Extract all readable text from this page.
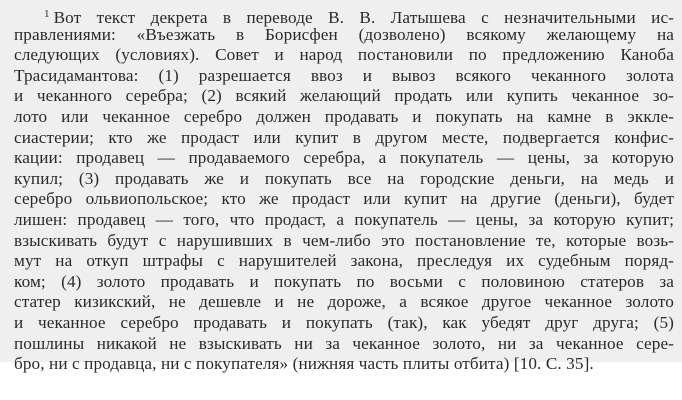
$^1$ Вот текст декрета в переводе В. В. Латышева с незначительными ис-
правлениями: «Въезжать в Борисфен (дозволено) всякому желающему на
следующих (условиях). Совет и народ постановили по предложению Канобa
Трасидамантова: (1) разрешается ввоз и вывоз всякого чеканного золота
и чеканного серебра; (2) всякий желающий продать или купить чеканное зо-
лото или чеканное серебро должен продавать и покупать на камне в экклe-
сиастерии; кто же продаст или купит в другом месте, подвергается конфис-
кации: продавец — продаваемого серебра, а покупатель — цены, за которую
купил; (3) продавать же и покупать все на городские деньги, на медь и
серебро ольвиопольское; кто же продаст или купит на другие (деньги), будет
лишен: продавец — того, что продаст, а покупатель — цены, за которую купит;
взыскивать будут с нарушивших в чем-либо это постановление те, которые возь-
мут на откуп штрафы с нарушителей закона, преследуя их судебным поряд-
ком; (4) золото продавать и покупать по восьми с половиною статеров за
статер кизикский, не дешевле и не дороже, а всякое другое чеканное золото
и чеканное серебро продавать и покупать (так), как убедят друг друга; (5)
пошлины никакой не взыскивать ни за чеканное золото, ни за чеканное сере-
бро, ни с продавца, ни с покупателя» (нижняя часть плиты отбита) [10. С. 35].
